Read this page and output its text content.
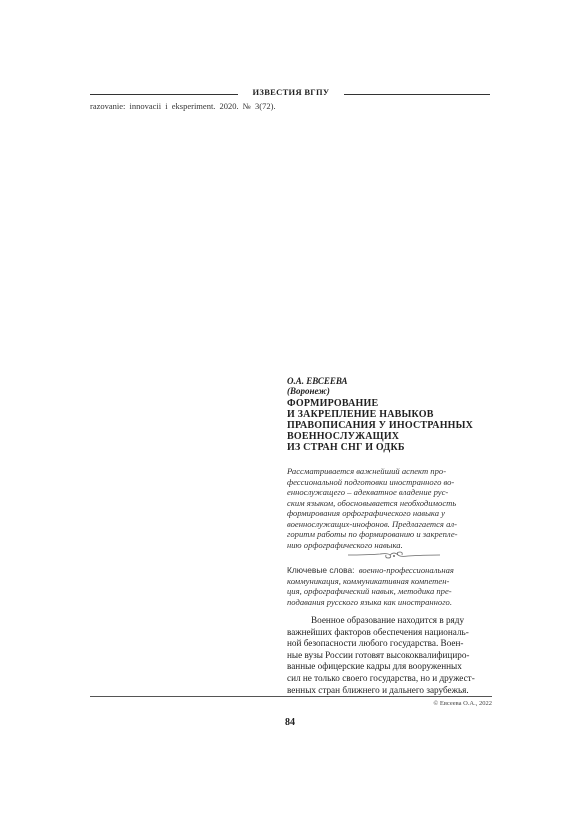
ИЗВЕСТИЯ ВГПУ
razovanie: innovacii i eksperiment. 2020. № 3(72).
О.А. ЕВСЕЕВА
(Воронеж)
ФОРМИРОВАНИЕ
И ЗАКРЕПЛЕНИЕ НАВЫКОВ
ПРАВОПИСАНИЯ У ИНОСТРАННЫХ
ВОЕННОСЛУЖАЩИХ
ИЗ СТРАН СНГ И ОДКБ

Рассматривается важнейший аспект про-
фессиональной подготовки иностранного во-
еннослужащего – адекватное владение рус-
ским языком, обосновывается необходимость
формирования орфографического навыка у
военнослужащих-инофонов. Предлагается ал-
горитм работы по формированию и закрепле-
нию орфографического навыка.

Ключевые слова: военно-профессиональная
коммуникация, коммуникативная компетен-
ция, орфографический навык, методика пре-
подавания русского языка как иностранного.

Военное образование находится в ряду
важнейших факторов обеспечения националь-
ной безопасности любого государства. Воен-
ные вузы России готовят высококвалифициро-
ванные офицерские кадры для вооруженных
сил не только своего государства, но и дружест-
венных стран ближнего и дальнего зарубежья.

© Евсеева О.А., 2022
84
